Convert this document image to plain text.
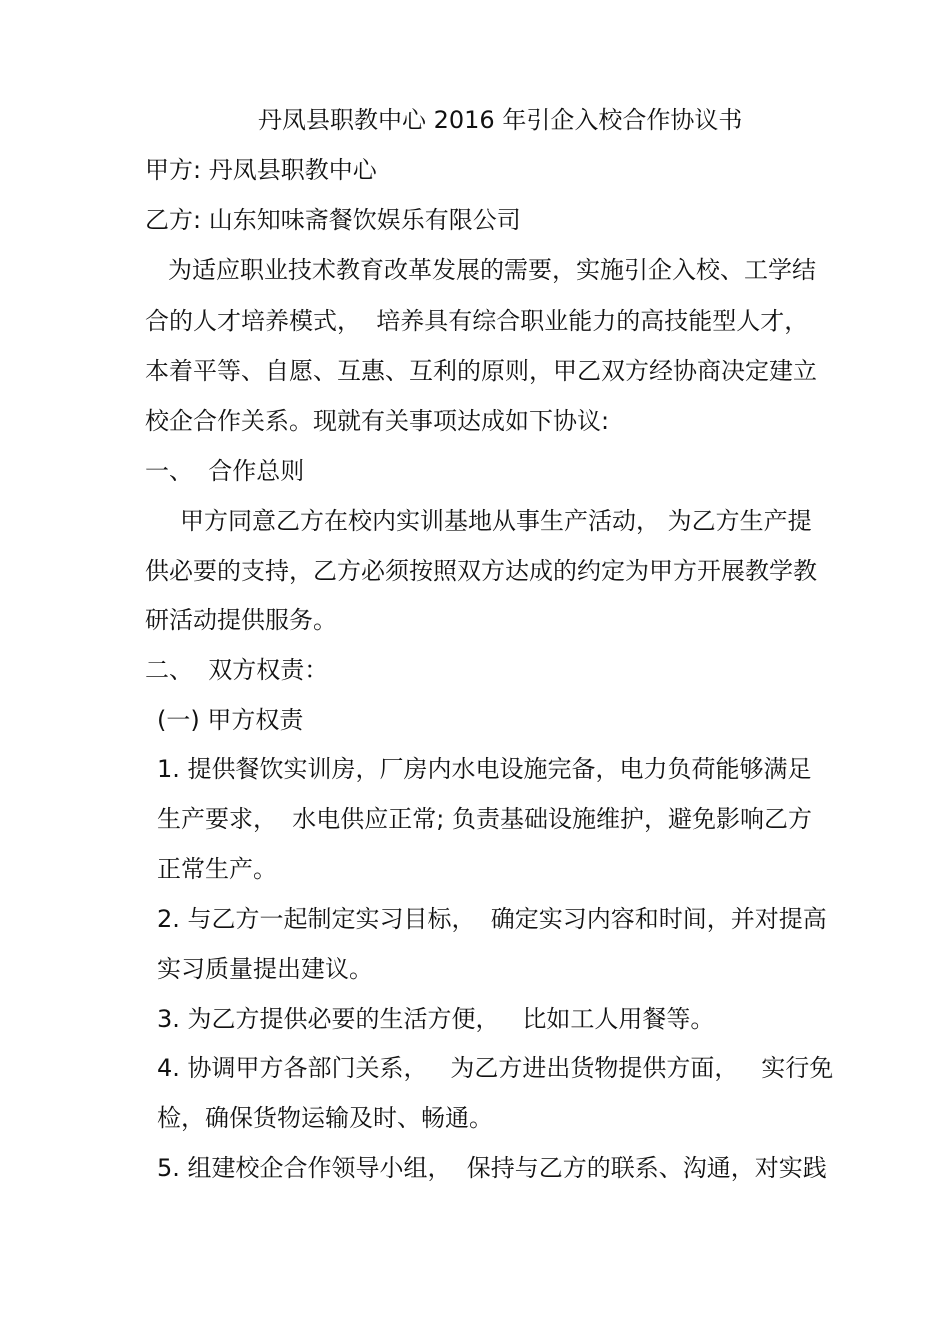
丹凤县职教中心 2016 年引企入校合作协议书
甲方: 丹凤县职教中心
乙方: 山东知味斋餐饮娱乐有限公司
为适应职业技术教育改革发展的需要，实施引企入校、工学结
合的人才培养模式，  培养具有综合职业能力的高技能型人才，
本着平等、自愿、互惠、互利的原则，甲乙双方经协商决定建立
校企合作关系。现就有关事项达成如下协议:
一、  合作总则
甲方同意乙方在校内实训基地从事生产活动， 为乙方生产提
供必要的支持，乙方必须按照双方达成的约定为甲方开展教学教
研活动提供服务。
二、  双方权责：
(一) 甲方权责
1. 提供餐饮实训房，厂房内水电设施完备，电力负荷能够满足
生产要求，  水电供应正常; 负责基础设施维护，避免影响乙方
正常生产。
2. 与乙方一起制定实习目标，  确定实习内容和时间，并对提高
实习质量提出建议。
3. 为乙方提供必要的生活方便，   比如工人用餐等。
4. 协调甲方各部门关系，   为乙方进出货物提供方面，   实行免
检，确保货物运输及时、畅通。
5. 组建校企合作领导小组，  保持与乙方的联系、沟通，对实践
